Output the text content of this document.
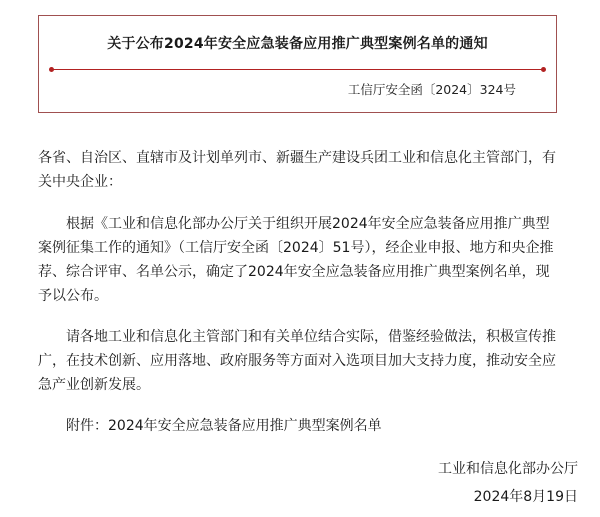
关于公布2024年安全应急装备应用推广典型案例名单的通知
工信厅安全函〔2024〕324号

各省、自治区、直辖市及计划单列市、新疆生产建设兵团工业和信息化主管部门，有关中央企业：

根据《工业和信息化部办公厅关于组织开展2024年安全应急装备应用推广典型案例征集工作的通知》（工信厅安全函〔2024〕51号），经企业申报、地方和央企推荐、综合评审、名单公示，确定了2024年安全应急装备应用推广典型案例名单，现予以公布。

请各地工业和信息化主管部门和有关单位结合实际，借鉴经验做法，积极宣传推广，在技术创新、应用落地、政府服务等方面对入选项目加大支持力度，推动安全应急产业创新发展。

附件：2024年安全应急装备应用推广典型案例名单

工业和信息化部办公厅
2024年8月19日
